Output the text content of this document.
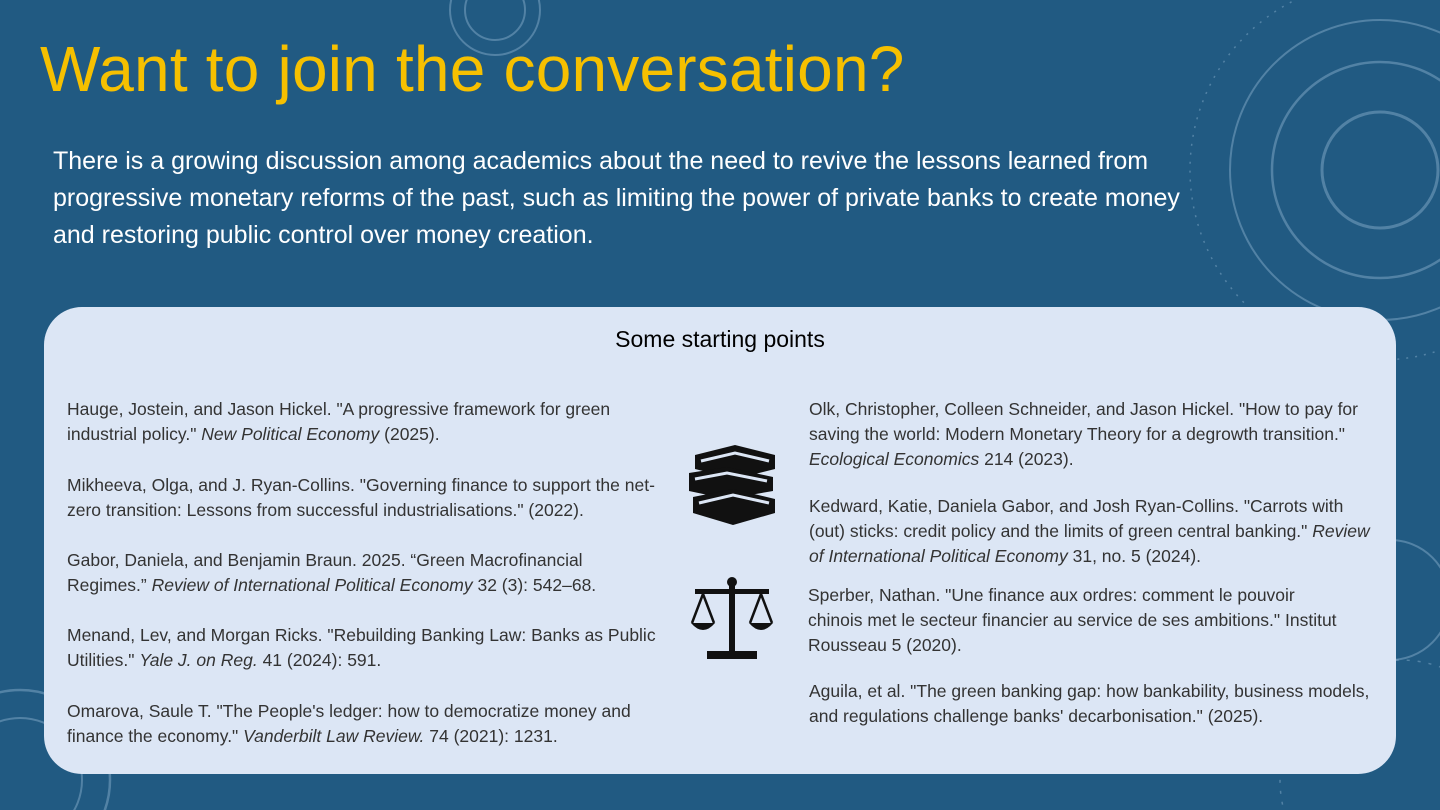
Want to join the conversation?

There is a growing discussion among academics about the need to revive the lessons learned from progressive monetary reforms of the past, such as limiting the power of private banks to create money and restoring public control over money creation.

Some starting points

Hauge, Jostein, and Jason Hickel. "A progressive framework for green industrial policy." New Political Economy (2025).

Mikheeva, Olga, and J. Ryan-Collins. "Governing finance to support the net-zero transition: Lessons from successful industrialisations." (2022).

Gabor, Daniela, and Benjamin Braun. 2025. “Green Macrofinancial Regimes.” Review of International Political Economy 32 (3): 542–68.

Menand, Lev, and Morgan Ricks. "Rebuilding Banking Law: Banks as Public Utilities." Yale J. on Reg. 41 (2024): 591.

Omarova, Saule T. "The People's ledger: how to democratize money and finance the economy." Vanderbilt Law Review. 74 (2021): 1231.

Olk, Christopher, Colleen Schneider, and Jason Hickel. "How to pay for saving the world: Modern Monetary Theory for a degrowth transition." Ecological Economics 214 (2023).

Kedward, Katie, Daniela Gabor, and Josh Ryan-Collins. "Carrots with (out) sticks: credit policy and the limits of green central banking." Review of International Political Economy 31, no. 5 (2024).

Sperber, Nathan. "Une finance aux ordres: comment le pouvoir chinois met le secteur financier au service de ses ambitions." Institut Rousseau 5 (2020).

Aguila, et al. "The green banking gap: how bankability, business models, and regulations challenge banks' decarbonisation." (2025).
